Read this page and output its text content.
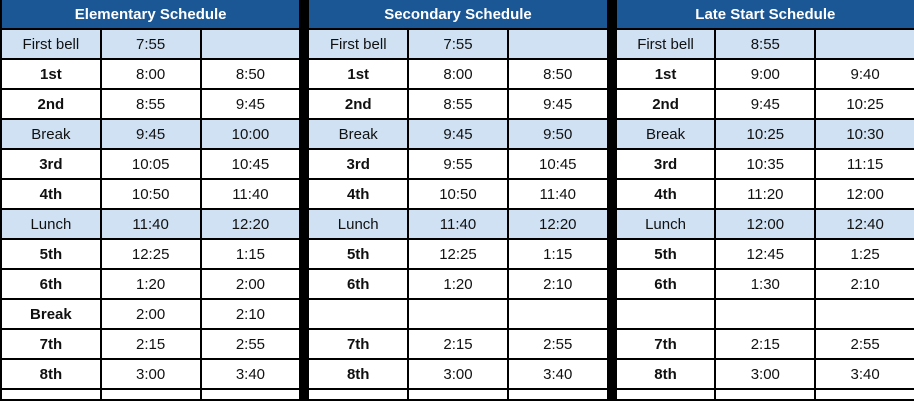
Elementary Schedule		
First bell	7:55	
1st	8:00	8:50
2nd	8:55	9:45
Break	9:45	10:00
3rd	10:05	10:45
4th	10:50	11:40
Lunch	11:40	12:20
5th	12:25	1:15
6th	1:20	2:00
Break	2:00	2:10
7th	2:15	2:55
8th	3:00	3:40

Secondary Schedule		
First bell	7:55	
1st	8:00	8:50
2nd	8:55	9:45
Break	9:45	9:50
3rd	9:55	10:45
4th	10:50	11:40
Lunch	11:40	12:20
5th	12:25	1:15
6th	1:20	2:10

7th	2:15	2:55
8th	3:00	3:40

Late Start Schedule		
First bell	8:55	
1st	9:00	9:40
2nd	9:45	10:25
Break	10:25	10:30
3rd	10:35	11:15
4th	11:20	12:00
Lunch	12:00	12:40
5th	12:45	1:25
6th	1:30	2:10

7th	2:15	2:55
8th	3:00	3:40
